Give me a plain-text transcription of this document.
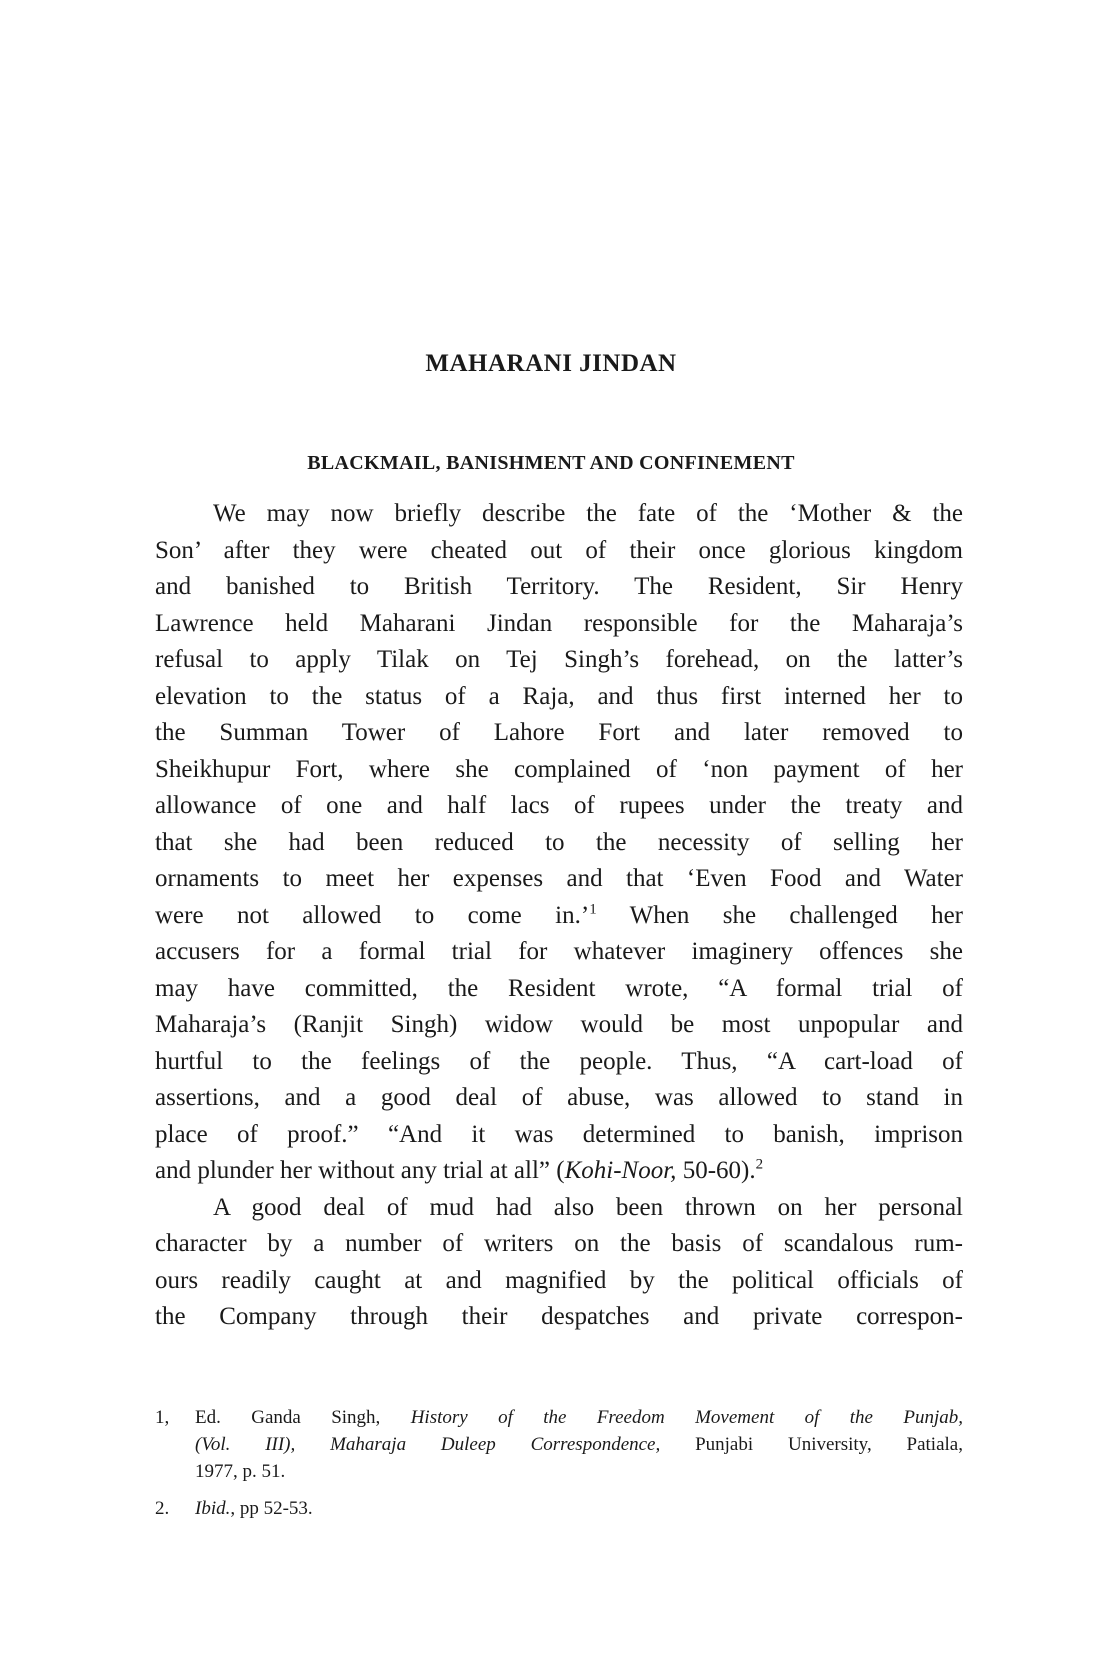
MAHARANI JINDAN
BLACKMAIL, BANISHMENT AND CONFINEMENT
We may now briefly describe the fate of the ‘Mother & the
Son’ after they were cheated out of their once glorious kingdom
and banished to British Territory. The Resident, Sir Henry
Lawrence held Maharani Jindan responsible for the Maharaja’s
refusal to apply Tilak on Tej Singh’s forehead, on the latter’s
elevation to the status of a Raja, and thus first interned her to
the Summan Tower of Lahore Fort and later removed to
Sheikhupur Fort, where she complained of ‘non payment of her
allowance of one and half lacs of rupees under the treaty and
that she had been reduced to the necessity of selling her
ornaments to meet her expenses and that ‘Even Food and Water
were not allowed to come in.’$^1$ When she challenged her
accusers for a formal trial for whatever imaginery offences she
may have committed, the Resident wrote, “A formal trial of
Maharaja’s (Ranjit Singh) widow would be most unpopular and
hurtful to the feelings of the people. Thus, “A cart-load of
assertions, and a good deal of abuse, was allowed to stand in
place of proof.” “And it was determined to banish, imprison
and plunder her without any trial at all” (Kohi-Noor, 50-60).$^2$
A good deal of mud had also been thrown on her personal
character by a number of writers on the basis of scandalous rum-
ours readily caught at and magnified by the political officials of
the Company through their despatches and private correspon-
1,	Ed. Ganda Singh, History of the Freedom Movement of the Punjab,
(Vol. III), Maharaja Duleep Correspondence, Punjabi University, Patiala,
1977, p. 51.
2.	Ibid., pp 52-53.
